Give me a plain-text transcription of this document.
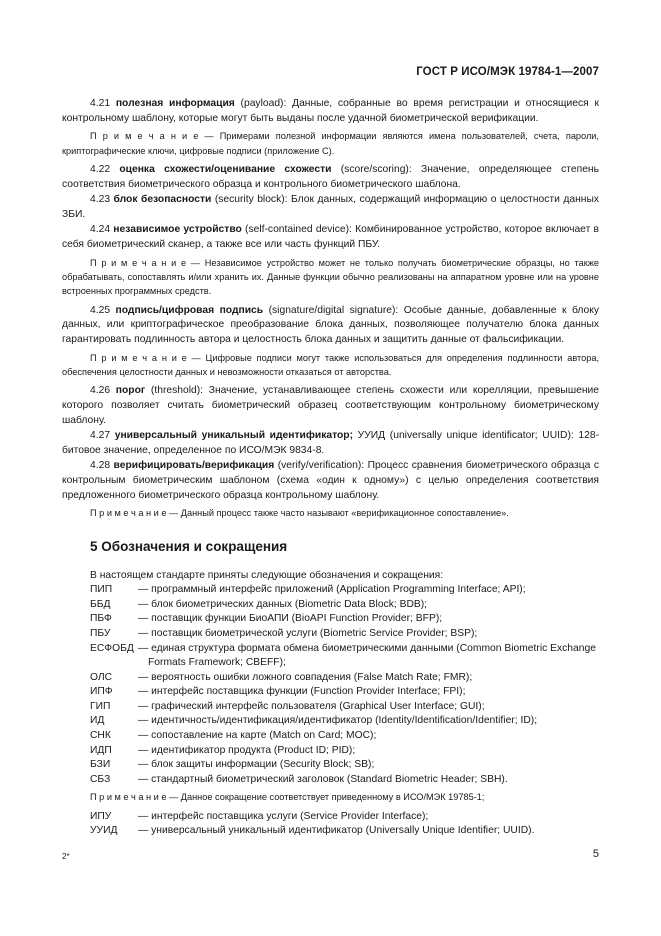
ГОСТ Р ИСО/МЭК 19784-1—2007

4.21 полезная информация (payload): Данные, собранные во время регистрации и относящиеся к контрольному шаблону, которые могут быть выданы после удачной биометрической верификации.

П р и м е ч а н и е — Примерами полезной информации являются имена пользователей, счета, пароли, криптографические ключи, цифровые подписи (приложение С).

4.22 оценка схожести/оценивание схожести (score/scoring): Значение, определяющее степень соответствия биометрического образца и контрольного биометрического шаблона.

4.23 блок безопасности (security block): Блок данных, содержащий информацию о целостности данных ЗБИ.

4.24 независимое устройство (self-contained device): Комбинированное устройство, которое включает в себя биометрический сканер, а также все или часть функций ПБУ.

П р и м е ч а н и е — Независимое устройство может не только получать биометрические образцы, но также обрабатывать, сопоставлять и/или хранить их. Данные функции обычно реализованы на аппаратном уровне или на уровне встроенных программных средств.

4.25 подпись/цифровая подпись (signature/digital signature): Особые данные, добавленные к блоку данных, или криптографическое преобразование блока данных, позволяющее получателю блока данных гарантировать подлинность автора и целостность блока данных и защитить данные от фальсификации.

П р и м е ч а н и е — Цифровые подписи могут также использоваться для определения подлинности автора, обеспечения целостности данных и невозможности отказаться от авторства.

4.26 порог (threshold): Значение, устанавливающее степень схожести или корелляции, превышение которого позволяет считать биометрический образец соответствующим контрольному биометрическому шаблону.

4.27 универсальный уникальный идентификатор; УУИД (universally unique identificator; UUID): 128-битовое значение, определенное по ИСО/МЭК 9834-8.

4.28 верифицировать/верификация (verify/verification): Процесс сравнения биометрического образца с контрольным биометрическим шаблоном (схема «один к одному») с целью определения соответствия предложенного биометрического образца контрольному шаблону.

П р и м е ч а н и е — Данный процесс также часто называют «верификационное сопоставление».

5 Обозначения и сокращения

В настоящем стандарте приняты следующие обозначения и сокращения:

ПИП	— программный интерфейс приложений (Application Programming Interface; API);
ББД	— блок биометрических данных (Biometric Data Block; BDB);
ПБФ	— поставщик функции БиоАПИ (BioAPI Function Provider; BFP);
ПБУ	— поставщик биометрической услуги (Biometric Service Provider; BSP);
ЕСФОБД — единая структура формата обмена биометрическими данными (Common Biometric Exchange
Formats Framework; CBEFF);
ОЛС	— вероятность ошибки ложного совпадения (False Match Rate; FMR);
ИПФ	— интерфейс поставщика функции (Function Provider Interface; FPI);
ГИП	— графический интерфейс пользователя (Graphical User Interface; GUI);
ИД	— идентичность/идентификация/идентификатор (Identity/Identification/Identifier; ID);
СНК	— сопоставление на карте (Match on Card; MOC);
ИДП	— идентификатор продукта (Product ID; PID);
БЗИ	— блок защиты информации (Security Block; SB);
СБЗ	— стандартный биометрический заголовок (Standard Biometric Header; SBH).

П р и м е ч а н и е — Данное сокращение соответствует приведенному в ИСО/МЭК 19785-1;

ИПУ	— интерфейс поставщика услуги (Service Provider Interface);
УУИД	— универсальный уникальный идентификатор (Universally Unique Identifier; UUID).
2*	5
